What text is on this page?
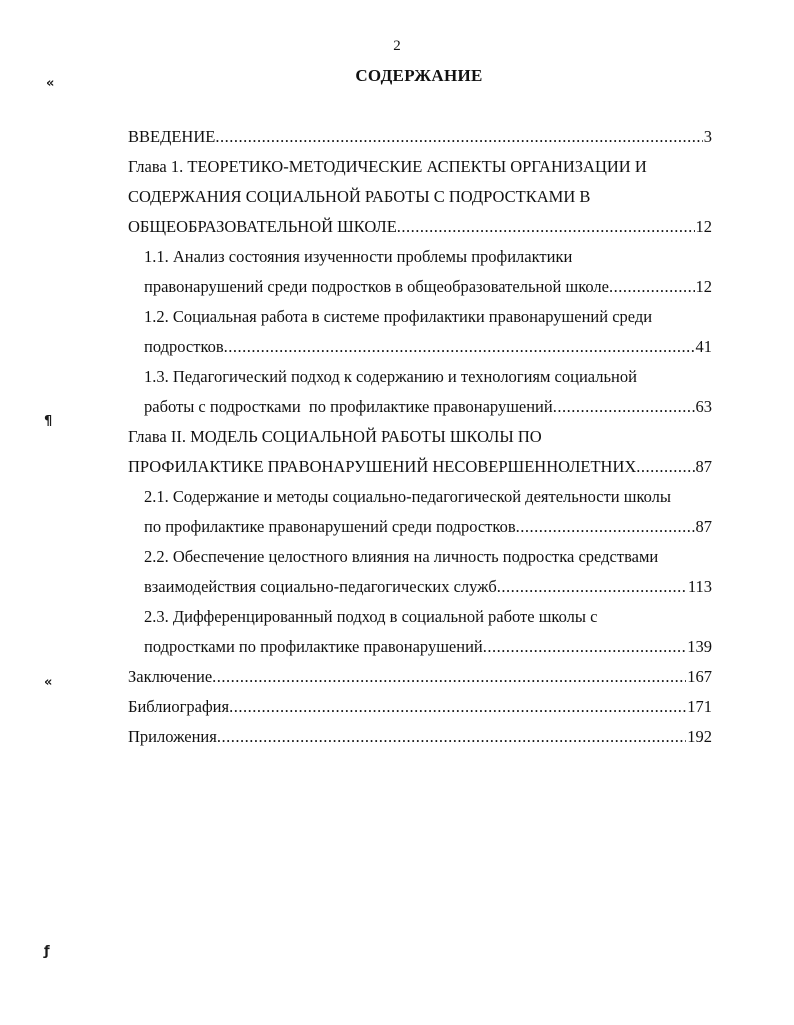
2
СОДЕРЖАНИЕ
«
¶
«
ƒ
ВВЕДЕНИЕ .....	3
Глава 1. ТЕОРЕТИКО-МЕТОДИЧЕСКИЕ АСПЕКТЫ ОРГАНИЗАЦИИ И
СОДЕРЖАНИЯ СОЦИАЛЬНОЙ РАБОТЫ С ПОДРОСТКАМИ В
ОБЩЕОБРАЗОВАТЕЛЬНОЙ ШКОЛЕ .....	12
1.1. Анализ состояния изученности проблемы профилактики
правонарушений среди подростков в общеобразовательной школе .....	12
1.2. Социальная работа в системе профилактики правонарушений среди
подростков .....	41
1.3. Педагогический подход к содержанию и технологиям социальной
работы с подростками  по профилактике правонарушений .....	63
Глава II. МОДЕЛЬ СОЦИАЛЬНОЙ РАБОТЫ ШКОЛЫ ПО
ПРОФИЛАКТИКЕ ПРАВОНАРУШЕНИЙ НЕСОВЕРШЕННОЛЕТНИХ .....	87
2.1. Содержание и методы социально-педагогической деятельности школы
по профилактике правонарушений среди подростков .....	87
2.2. Обеспечение целостного влияния на личность подростка средствами
взаимодействия социально-педагогических служб .....	113
2.3. Дифференцированный подход в социальной работе школы с
подростками по профилактике правонарушений .....	139
Заключение .....	167
Библиография .....	171
Приложения .....	192
